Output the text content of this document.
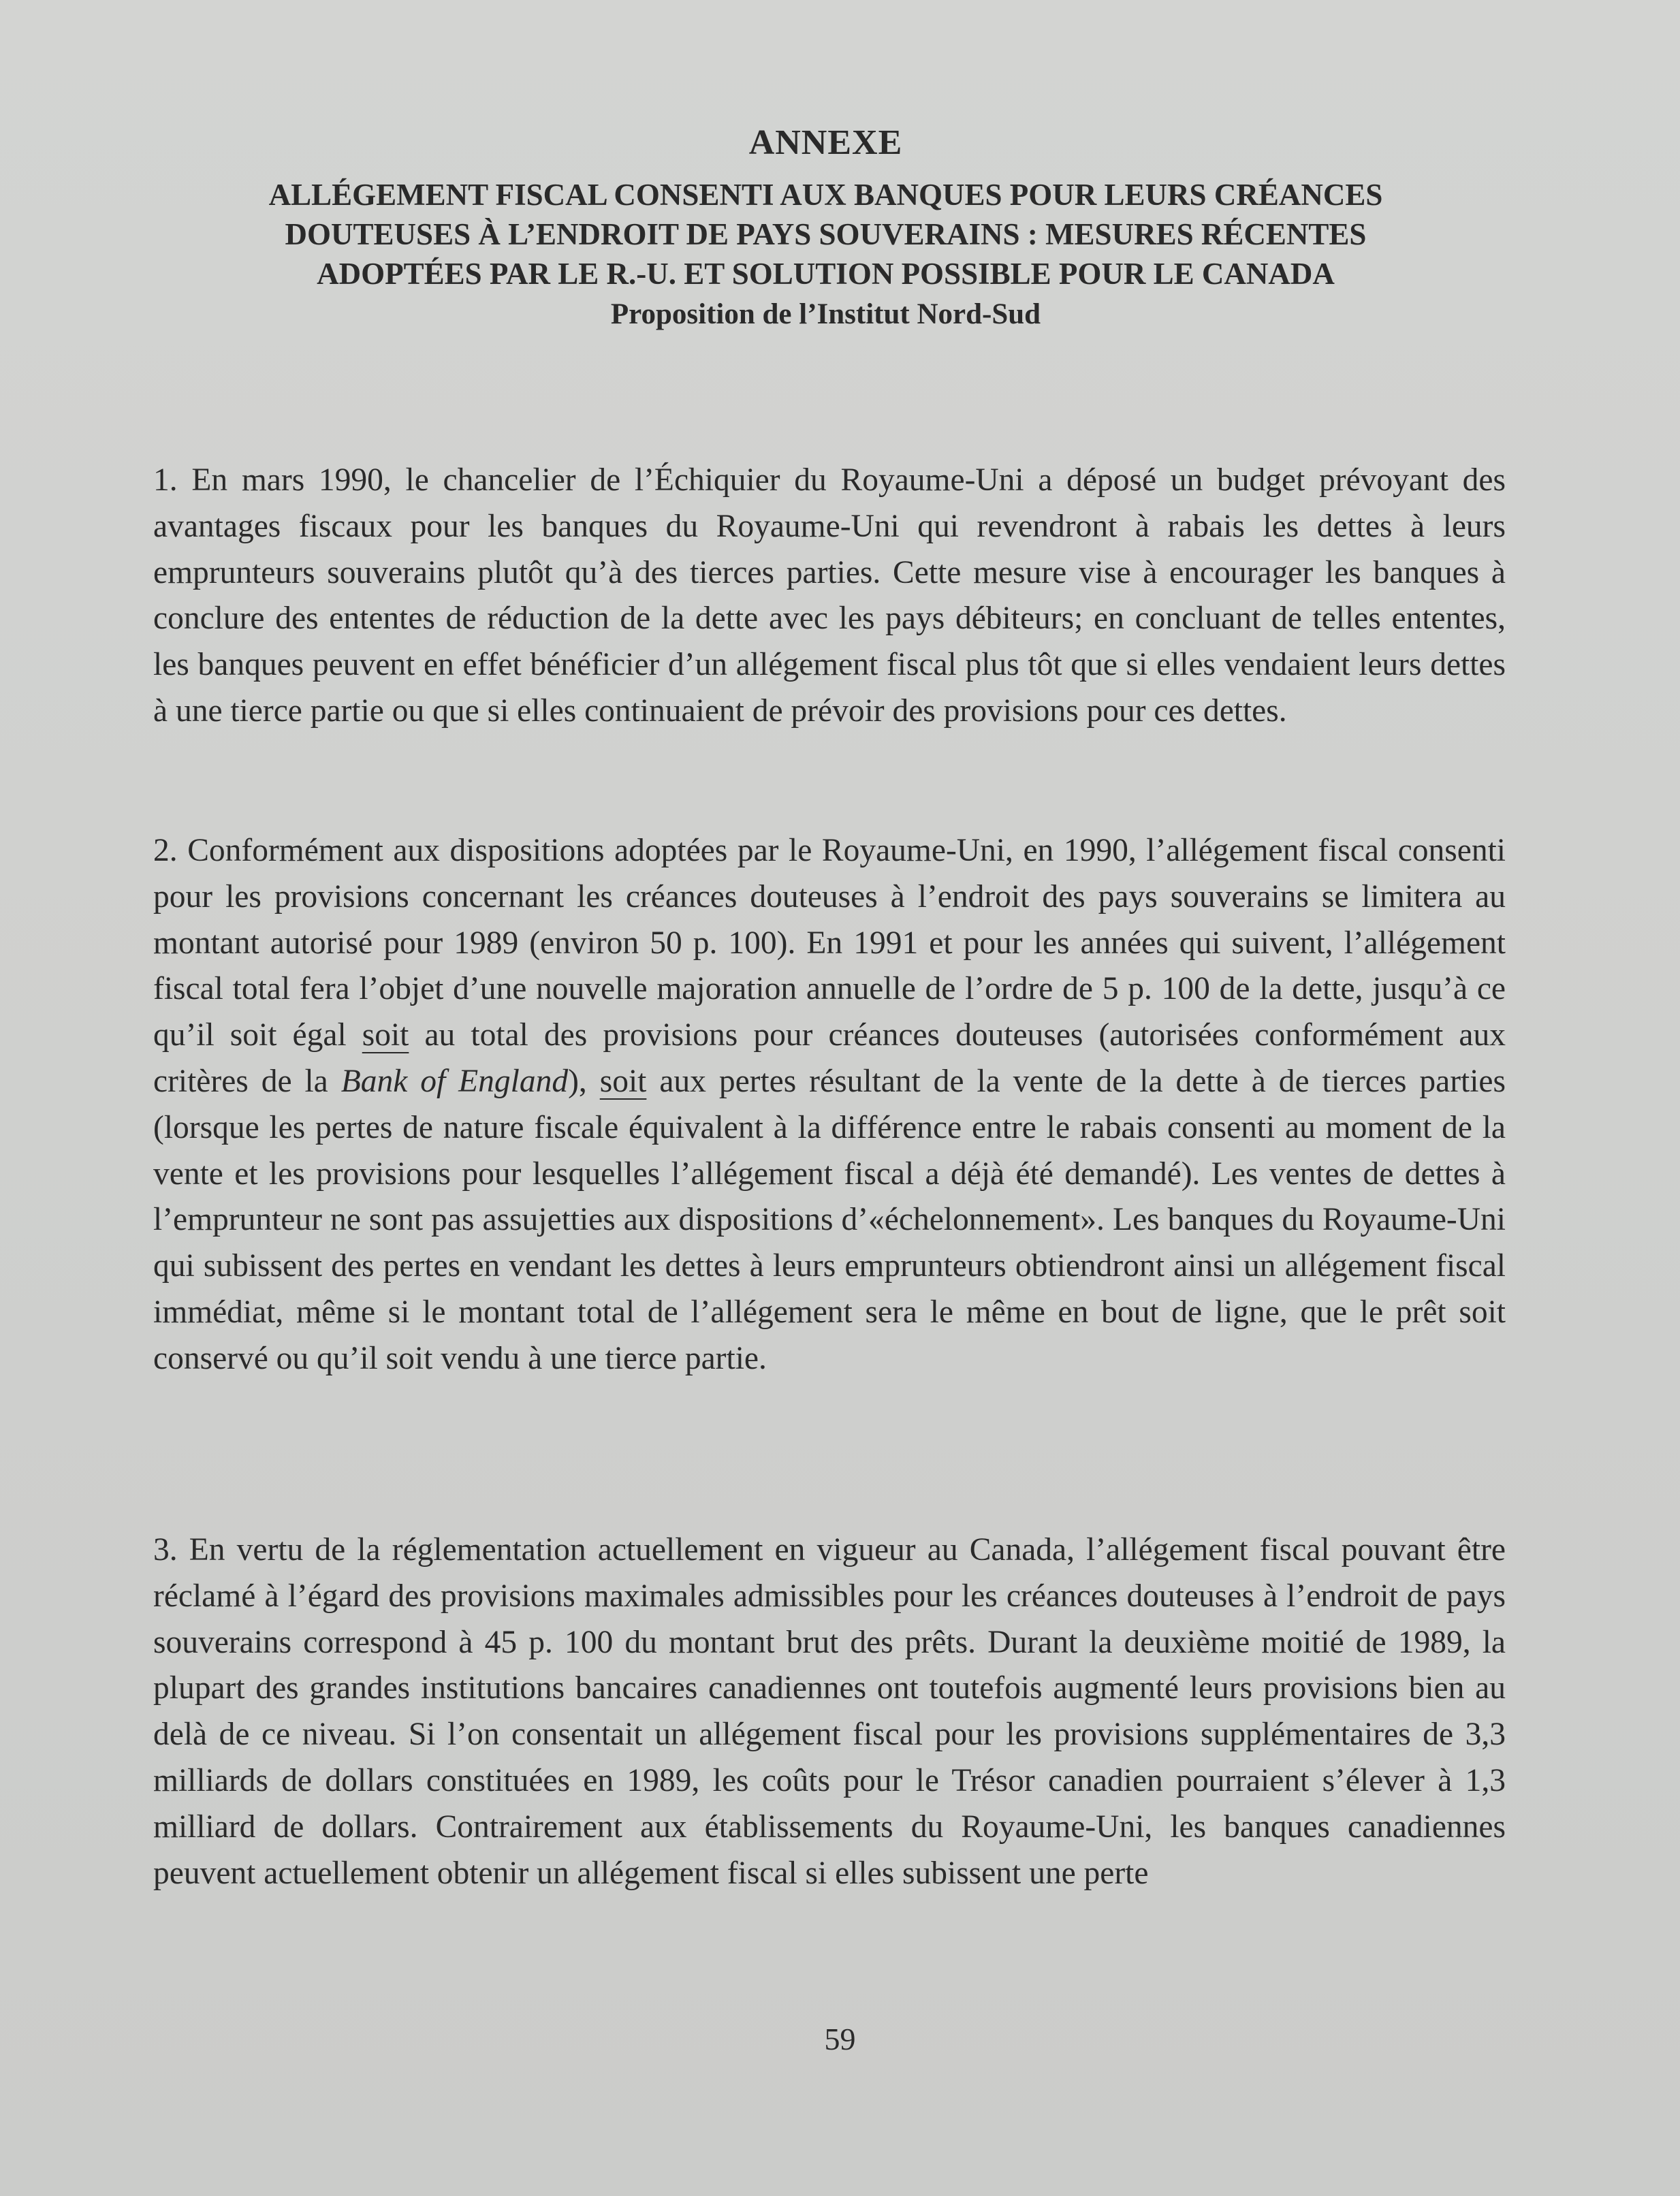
ANNEXE
ALLÉGEMENT FISCAL CONSENTI AUX BANQUES POUR LEURS CRÉANCES
DOUTEUSES À L’ENDROIT DE PAYS SOUVERAINS : MESURES RÉCENTES
ADOPTÉES PAR LE R.-U. ET SOLUTION POSSIBLE POUR LE CANADA
Proposition de l’Institut Nord-Sud

1. En mars 1990, le chancelier de l’Échiquier du Royaume-Uni a déposé un budget prévoyant des avantages fiscaux pour les banques du Royaume-Uni qui revendront à rabais les dettes à leurs emprunteurs souverains plutôt qu’à des tierces parties. Cette mesure vise à encourager les banques à conclure des ententes de réduction de la dette avec les pays débiteurs; en concluant de telles ententes, les banques peuvent en effet bénéficier d’un allégement fiscal plus tôt que si elles vendaient leurs dettes à une tierce partie ou que si elles continuaient de prévoir des provisions pour ces dettes.

2. Conformément aux dispositions adoptées par le Royaume-Uni, en 1990, l’allégement fiscal consenti pour les provisions concernant les créances douteuses à l’endroit des pays souverains se limitera au montant autorisé pour 1989 (environ 50 p. 100). En 1991 et pour les années qui suivent, l’allégement fiscal total fera l’objet d’une nouvelle majoration annuelle de l’ordre de 5 p. 100 de la dette, jusqu’à ce qu’il soit égal soit au total des provisions pour créances douteuses (autorisées conformément aux critères de la Bank of England), soit aux pertes résultant de la vente de la dette à de tierces parties (lorsque les pertes de nature fiscale équivalent à la différence entre le rabais consenti au moment de la vente et les provisions pour lesquelles l’allégement fiscal a déjà été demandé). Les ventes de dettes à l’emprunteur ne sont pas assujetties aux dispositions d’«échelonnement». Les banques du Royaume-Uni qui subissent des pertes en vendant les dettes à leurs emprunteurs obtiendront ainsi un allégement fiscal immédiat, même si le montant total de l’allégement sera le même en bout de ligne, que le prêt soit conservé ou qu’il soit vendu à une tierce partie.

3. En vertu de la réglementation actuellement en vigueur au Canada, l’allégement fiscal pouvant être réclamé à l’égard des provisions maximales admissibles pour les créances douteuses à l’endroit de pays souverains correspond à 45 p. 100 du montant brut des prêts. Durant la deuxième moitié de 1989, la plupart des grandes institutions bancaires canadiennes ont toutefois augmenté leurs provisions bien au delà de ce niveau. Si l’on consentait un allégement fiscal pour les provisions supplémentaires de 3,3 milliards de dollars constituées en 1989, les coûts pour le Trésor canadien pourraient s’élever à 1,3 milliard de dollars. Contrairement aux établissements du Royaume-Uni, les banques canadiennes peuvent actuellement obtenir un allégement fiscal si elles subissent une perte

59
